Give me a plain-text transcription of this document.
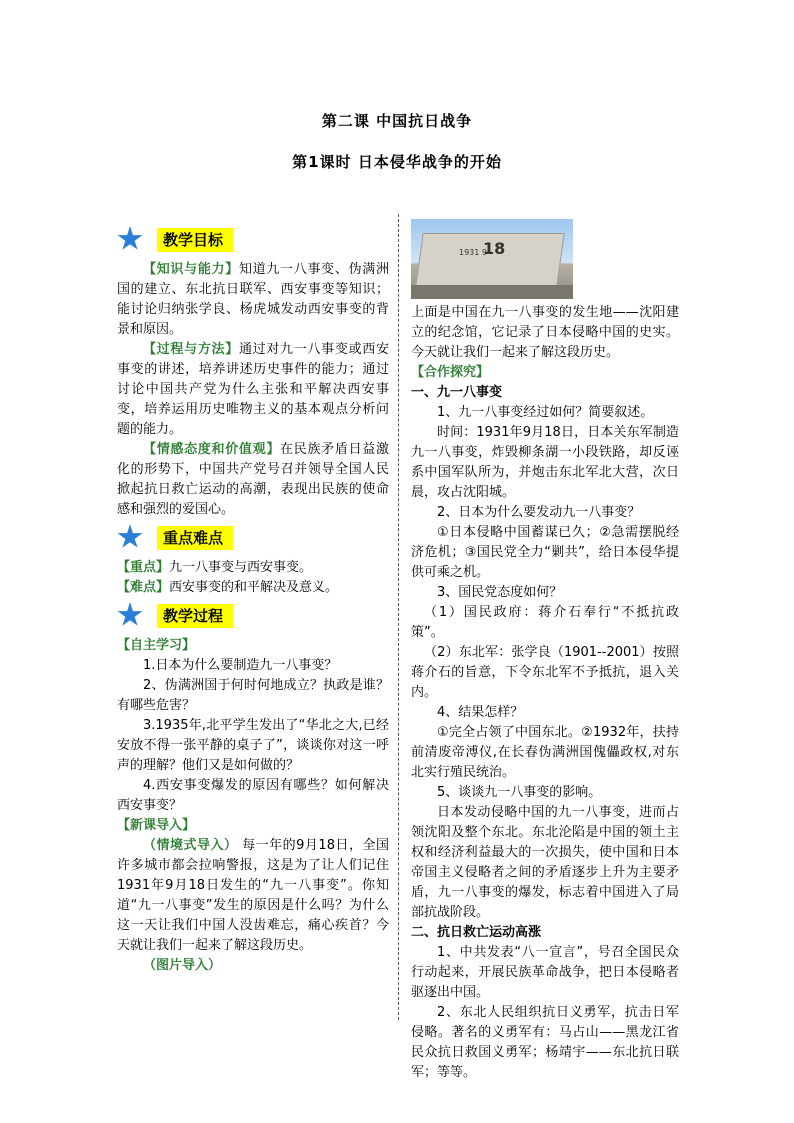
第二课 中国抗日战争
第1课时 日本侵华战争的开始
教学目标

【知识与能力】知道九一八事变、伪满洲国的建立、东北抗日联军、西安事变等知识；能讨论归纳张学良、杨虎城发动西安事变的背景和原因。

【过程与方法】通过对九一八事变或西安事变的讲述，培养讲述历史事件的能力；通过讨论中国共产党为什么主张和平解决西安事变，培养运用历史唯物主义的基本观点分析问题的能力。

【情感态度和价值观】在民族矛盾日益激化的形势下，中国共产党号召并领导全国人民掀起抗日救亡运动的高潮，表现出民族的使命感和强烈的爱国心。

重点难点

【重点】九一八事变与西安事变。

【难点】西安事变的和平解决及意义。

教学过程

【自主学习】

1.日本为什么要制造九一八事变？

2、伪满洲国于何时何地成立？执政是谁？有哪些危害？

3.1935年,北平学生发出了“华北之大,已经安放不得一张平静的桌子了”，谈谈你对这一呼声的理解？他们又是如何做的？

4.西安事变爆发的原因有哪些？如何解决西安事变？

【新课导入】

（情境式导入） 每一年的9月18日，全国许多城市都会拉响警报，这是为了让人们记住1931年9月18日发生的“九一八事变”。你知道“九一八事变”发生的原因是什么吗？为什么这一天让我们中国人没齿难忘，痛心疾首？今天就让我们一起来了解这段历史。

（图片导入）

1931 9
18

上面是中国在九一八事变的发生地——沈阳建立的纪念馆，它记录了日本侵略中国的史实。今天就让我们一起来了解这段历史。

【合作探究】

一、九一八事变

1、九一八事变经过如何？简要叙述。

时间：1931年9月18日，日本关东军制造九一八事变，炸毁柳条湖一小段铁路，却反诬系中国军队所为，并炮击东北军北大营，次日晨，攻占沈阳城。

2、日本为什么要发动九一八事变？

①日本侵略中国蓄谋已久；②急需摆脱经济危机；③国民党全力“剿共”，给日本侵华提供可乘之机。

3、国民党态度如何？

（1）国民政府：蒋介石奉行“不抵抗政策”。

（2）东北军：张学良（1901--2001）按照蒋介石的旨意，下令东北军不予抵抗，退入关内。

4、结果怎样？

①完全占领了中国东北。②1932年，扶持前清废帝溥仪,在长春伪满洲国傀儡政权,对东北实行殖民统治。

5、谈谈九一八事变的影响。

日本发动侵略中国的九一八事变，进而占领沈阳及整个东北。东北沦陷是中国的领土主权和经济利益最大的一次损失，使中国和日本帝国主义侵略者之间的矛盾逐步上升为主要矛盾，九一八事变的爆发，标志着中国进入了局部抗战阶段。

二、抗日救亡运动高涨

1、中共发表“八一宣言”，号召全国民众行动起来，开展民族革命战争，把日本侵略者驱逐出中国。

2、东北人民组织抗日义勇军，抗击日军侵略。著名的义勇军有：马占山——黑龙江省民众抗日救国义勇军；杨靖宇——东北抗日联军；等等。
